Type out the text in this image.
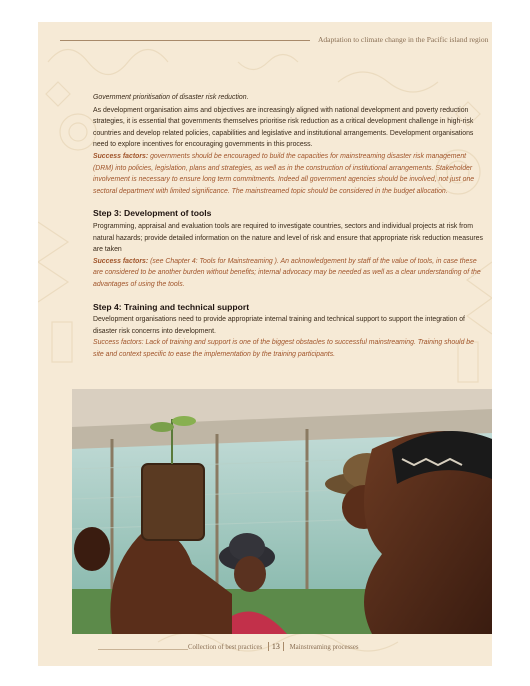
Adaptation to climate change in the Pacific island region

Government prioritisation of disaster risk reduction.

As development organisation aims and objectives are increasingly aligned with national development and poverty reduction strategies, it is essential that governments themselves prioritise risk reduction as a critical development challenge in high-risk countries and develop related policies, capabilities and legislative and institutional arrangements. Development organisations need to explore incentives for encouraging governments in this process.

Success factors: governments should be encouraged to build the capacities for mainstreaming disaster risk management (DRM) into policies, legislation, plans and strategies, as well as in the construction of institutional arrangements. Stakeholder involvement is necessary to ensure long term commitments. Indeed all government agencies should be involved, not just one sectoral department with limited significance. The mainstreamed topic should be considered in the budget allocation.

Step 3: Development of tools

Programming, appraisal and evaluation tools are required to investigate countries, sectors and individual projects at risk from natural hazards; provide detailed information on the nature and level of risk and ensure that appropriate risk reduction measures are taken

Success factors: (see Chapter 4: Tools for Mainstreaming ). An acknowledgement by staff of the value of tools, in case these are considered to be another burden without benefits; internal advocacy may be needed as well as a clear understanding of the advantages of using the tools.

Step 4: Training and technical support

Development organisations need to provide appropriate internal training and technical support to support the integration of disaster risk concerns into development.

Success factors: Lack of training and support is one of the biggest obstacles to successful mainstreaming. Training should be site and context specific to ease the implementation by the training participants.

Collection of best practices 13 Mainstreaming processes
